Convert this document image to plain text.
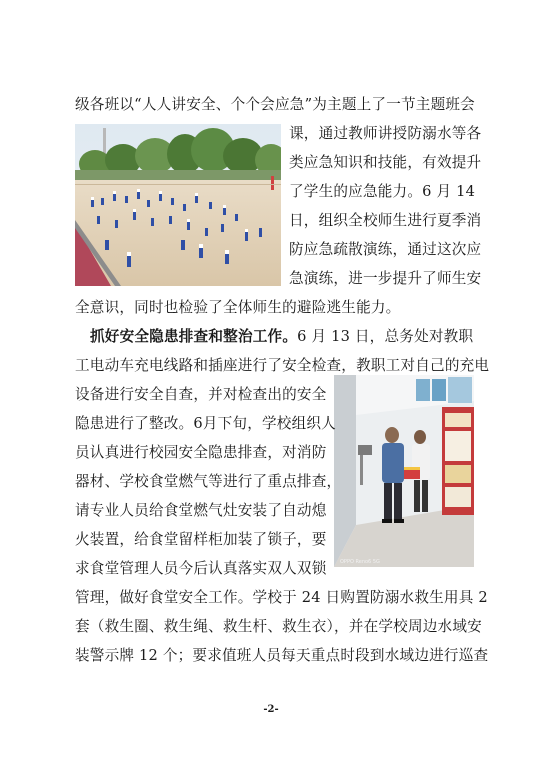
级各班以“人人讲安全、个个会应急”为主题上了一节主题班会
课，通过教师讲授防溺水等各
类应急知识和技能，有效提升
了学生的应急能力。6 月 14
日，组织全校师生进行夏季消
防应急疏散演练，通过这次应
急演练，进一步提升了师生安
全意识，同时也检验了全体师生的避险逃生能力。
抓好安全隐患排查和整治工作。6 月 13 日，总务处对教职
工电动车充电线路和插座进行了安全检查，教职工对自己的充电
设备进行安全自查，并对检查出的安全
OPPO Reno6 5G
隐患进行了整改。6月下旬，学校组织人
员认真进行校园安全隐患排查，对消防
器材、学校食堂燃气等进行了重点排查，
请专业人员给食堂燃气灶安装了自动熄
火装置，给食堂留样柜加装了锁子，要
求食堂管理人员今后认真落实双人双锁
管理，做好食堂安全工作。学校于 24 日购置防溺水救生用具 2
套（救生圈、救生绳、救生杆、救生衣），并在学校周边水域安
装警示牌 12 个；要求值班人员每天重点时段到水域边进行巡查
-2-
